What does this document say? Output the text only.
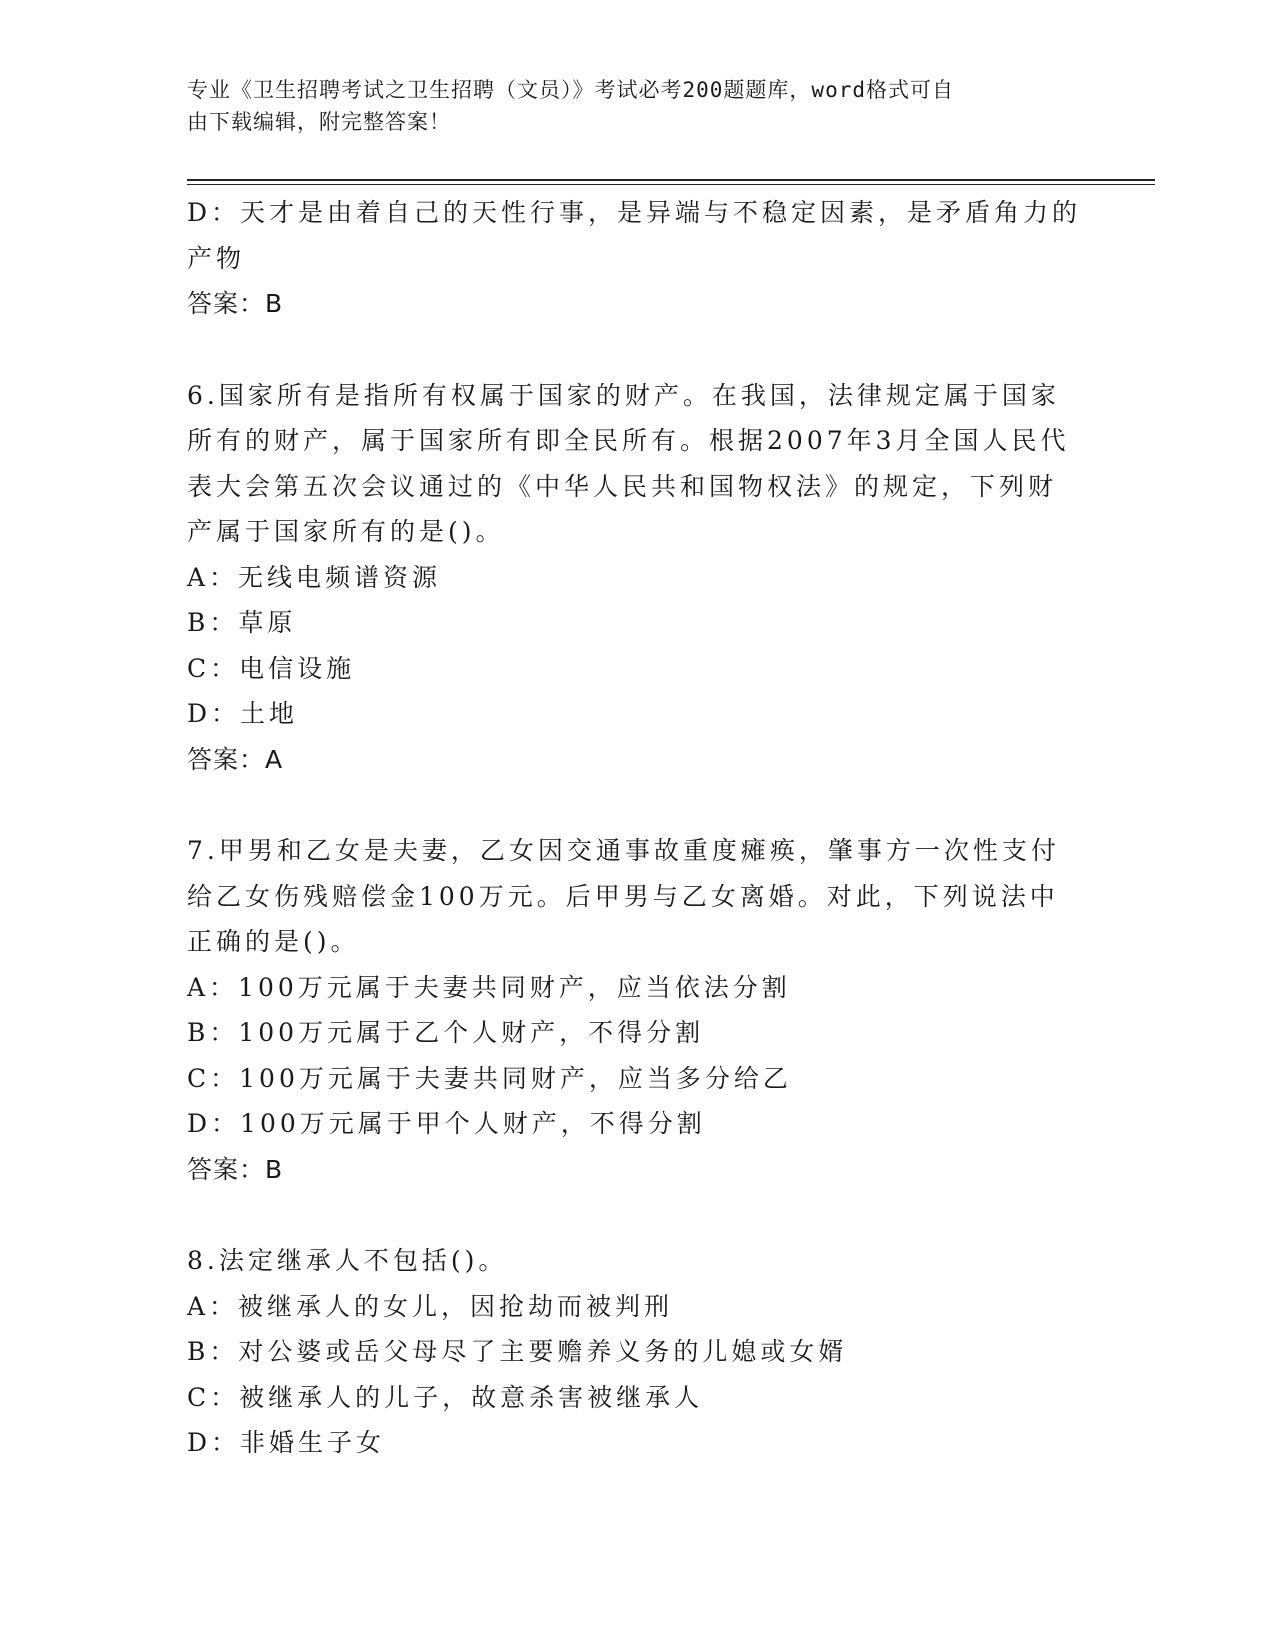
专业《卫生招聘考试之卫生招聘（文员）》考试必考200题题库，word格式可自
由下载编辑，附完整答案！
D：天才是由着自己的天性行事，是异端与不稳定因素，是矛盾角力的
产物
答案：B
6.国家所有是指所有权属于国家的财产。在我国，法律规定属于国家
所有的财产，属于国家所有即全民所有。根据2007年3月全国人民代
表大会第五次会议通过的《中华人民共和国物权法》的规定，下列财
产属于国家所有的是()。
A：无线电频谱资源
B：草原
C：电信设施
D：土地
答案：A
7.甲男和乙女是夫妻，乙女因交通事故重度瘫痪，肇事方一次性支付
给乙女伤残赔偿金100万元。后甲男与乙女离婚。对此，下列说法中
正确的是()。
A：100万元属于夫妻共同财产，应当依法分割
B：100万元属于乙个人财产，不得分割
C：100万元属于夫妻共同财产，应当多分给乙
D：100万元属于甲个人财产，不得分割
答案：B
8.法定继承人不包括()。
A：被继承人的女儿，因抢劫而被判刑
B：对公婆或岳父母尽了主要赡养义务的儿媳或女婿
C：被继承人的儿子，故意杀害被继承人
D：非婚生子女
